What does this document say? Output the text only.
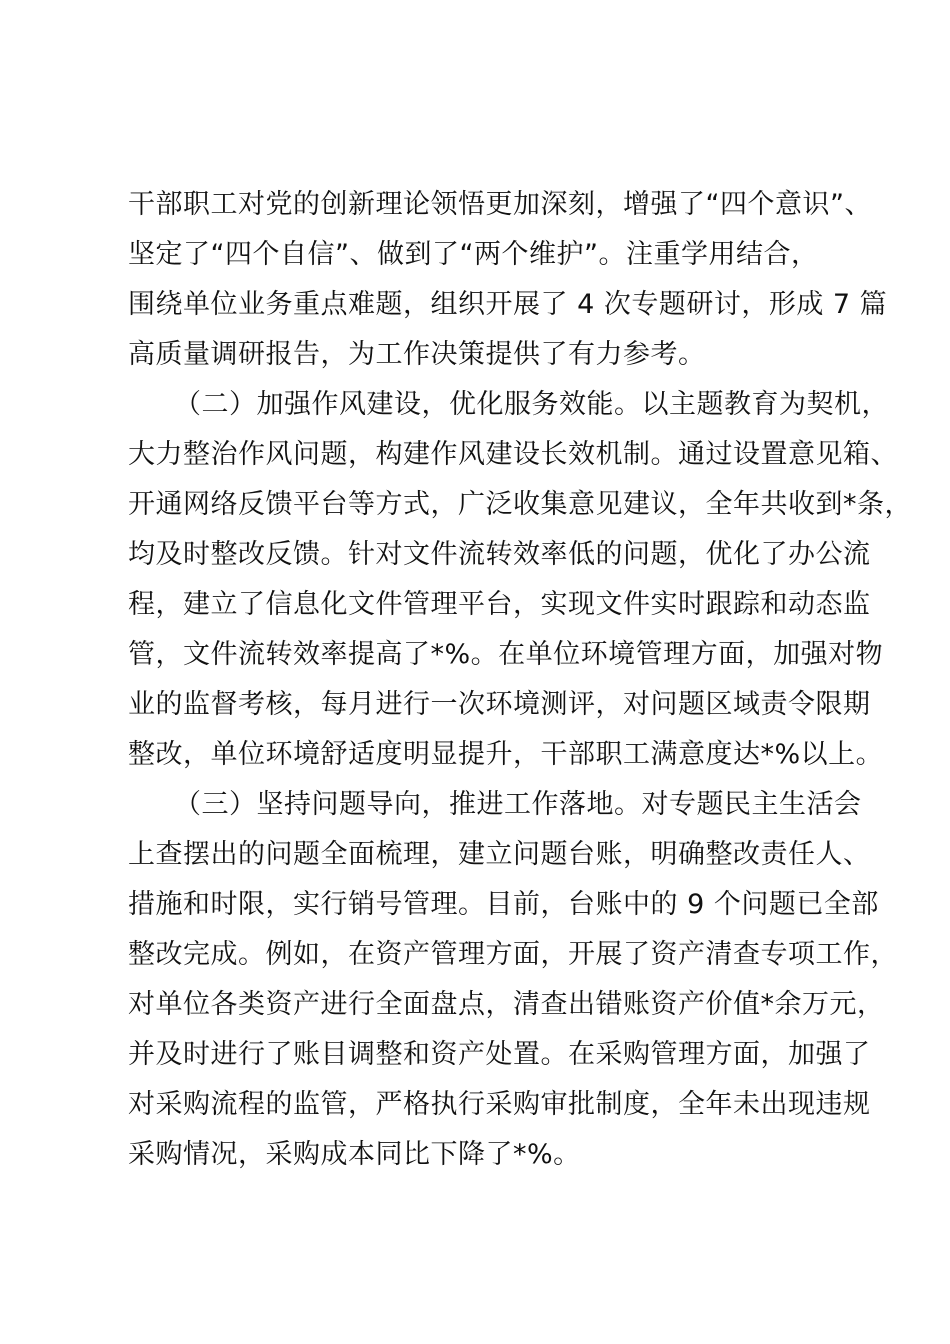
干部职工对党的创新理论领悟更加深刻，增强了“四个意识”、
坚定了“四个自信”、做到了“两个维护”。注重学用结合，
围绕单位业务重点难题，组织开展了 4 次专题研讨，形成 7 篇
高质量调研报告，为工作决策提供了有力参考。
（二）加强作风建设，优化服务效能。以主题教育为契机，
大力整治作风问题，构建作风建设长效机制。通过设置意见箱、
开通网络反馈平台等方式，广泛收集意见建议，全年共收到*条，
均及时整改反馈。针对文件流转效率低的问题，优化了办公流
程，建立了信息化文件管理平台，实现文件实时跟踪和动态监
管，文件流转效率提高了*%。在单位环境管理方面，加强对物
业的监督考核，每月进行一次环境测评，对问题区域责令限期
整改，单位环境舒适度明显提升，干部职工满意度达*%以上。
（三）坚持问题导向，推进工作落地。对专题民主生活会
上查摆出的问题全面梳理，建立问题台账，明确整改责任人、
措施和时限，实行销号管理。目前，台账中的 9 个问题已全部
整改完成。例如，在资产管理方面，开展了资产清查专项工作，
对单位各类资产进行全面盘点，清查出错账资产价值*余万元，
并及时进行了账目调整和资产处置。在采购管理方面，加强了
对采购流程的监管，严格执行采购审批制度，全年未出现违规
采购情况，采购成本同比下降了*%。
